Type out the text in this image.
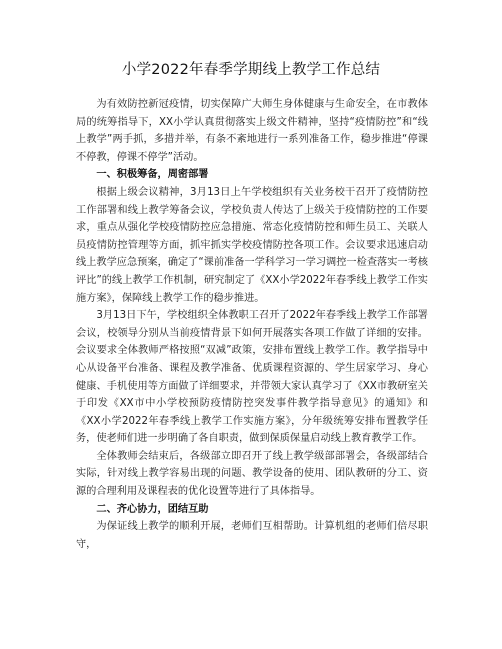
小学2022年春季学期线上教学工作总结

为有效防控新冠疫情，切实保障广大师生身体健康与生命安全，在市教体局的统筹指导下，XX小学认真贯彻落实上级文件精神，坚持“疫情防控”和“线上教学”两手抓，多措并举，有条不紊地进行一系列准备工作，稳步推进“停课不停教，停课不停学”活动。

一、积极筹备，周密部署

根据上级会议精神，3月13日上午学校组织有关业务校干召开了疫情防控工作部署和线上教学筹备会议，学校负责人传达了上级关于疫情防控的工作要求，重点从强化学校疫情防控应急措施、常态化疫情防控和师生员工、关联人员疫情防控管理等方面，抓牢抓实学校疫情防控各项工作。会议要求迅速启动线上教学应急预案，确定了“课前准备一学科学习一学习调控一检查落实一考核评比”的线上教学工作机制，研究制定了《XX小学2022年春季线上教学工作实施方案》，保障线上教学工作的稳步推进。

3月13日下午，学校组织全体教职工召开了2022年春季线上教学工作部署会议，校领导分别从当前疫情背景下如何开展落实各项工作做了详细的安排。会议要求全体教师严格按照“双减”政策，安排布置线上教学工作。教学指导中心从设备平台准备、课程及教学准备、优质课程资源的、学生居家学习、身心健康、手机使用等方面做了详细要求，并带领大家认真学习了《XX市教研室关于印发《XX市中小学校预防疫情防控突发事件教学指导意见》的通知》和《XX小学2022年春季线上教学工作实施方案》，分年级统筹安排布置教学任务，使老师们进一步明确了各自职责，做到保质保量启动线上教育教学工作。

全体教师会结束后，各级部立即召开了线上教学级部部署会，各级部结合实际，针对线上教学容易出现的问题、教学设备的使用、团队教研的分工、资源的合理利用及课程表的优化设置等进行了具体指导。

二、齐心协力，团结互助

为保证线上教学的顺利开展，老师们互相帮助。计算机组的老师们倍尽职守，
